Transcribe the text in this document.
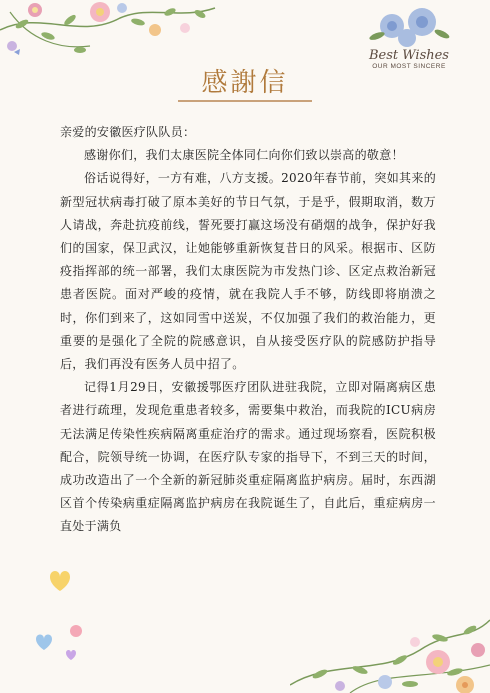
Best Wishes
OUR MOST SINCERE
感謝信

亲爱的安徽医疗队队员：

感谢你们，我们太康医院全体同仁向你们致以崇高的敬意！

俗话说得好，一方有难，八方支援。2020年春节前，突如其来的新型冠状病毒打破了原本美好的节日气氛，于是乎，假期取消，数万人请战，奔赴抗疫前线，誓死要打赢这场没有硝烟的战争，保护好我们的国家，保卫武汉，让她能够重新恢复昔日的风采。根据市、区防疫指挥部的统一部署，我们太康医院为市发热门诊、区定点救治新冠患者医院。面对严峻的疫情，就在我院人手不够，防线即将崩溃之时，你们到来了，这如同雪中送炭，不仅加强了我们的救治能力，更重要的是强化了全院的院感意识，自从接受医疗队的院感防护指导后，我们再没有医务人员中招了。

记得1月29日，安徽援鄂医疗团队进驻我院，立即对隔离病区患者进行疏理，发现危重患者较多，需要集中救治，而我院的ICU病房无法满足传染性疾病隔离重症治疗的需求。通过现场察看，医院积极配合，院领导统一协调，在医疗队专家的指导下，不到三天的时间，成功改造出了一个全新的新冠肺炎重症隔离监护病房。届时，东西湖区首个传染病重症隔离监护病房在我院诞生了，自此后，重症病房一直处于满负
